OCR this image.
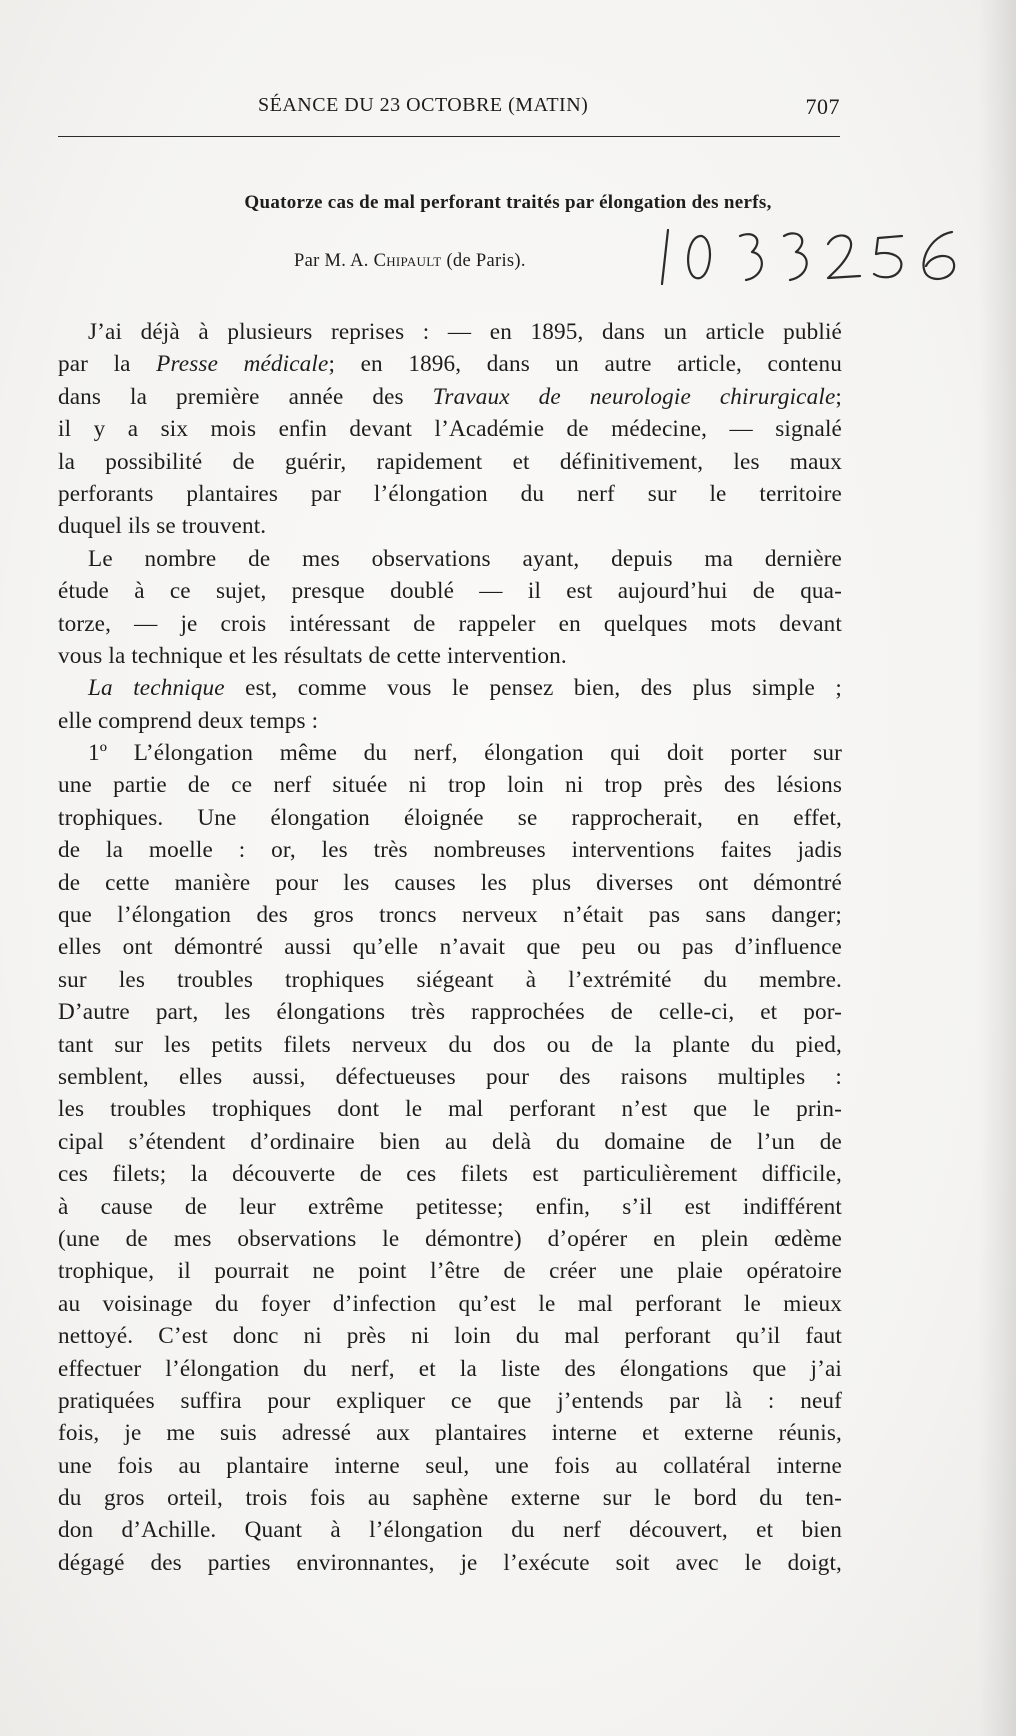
SÉANCE DU 23 OCTOBRE (MATIN)	707
Quatorze cas de mal perforant traités par élongation des nerfs,
Par M. A. Chipault (de Paris).
J’ai déjà à plusieurs reprises : — en 1895, dans un article publié
par la Presse médicale; en 1896, dans un autre article, contenu
dans la première année des Travaux de neurologie chirurgicale;
il y a six mois enfin devant l’Académie de médecine, — signalé
la possibilité de guérir, rapidement et définitivement, les maux
perforants plantaires par l’élongation du nerf sur le territoire
duquel ils se trouvent.
Le nombre de mes observations ayant, depuis ma dernière
étude à ce sujet, presque doublé — il est aujourd’hui de qua-
torze, — je crois intéressant de rappeler en quelques mots devant
vous la technique et les résultats de cette intervention.
La technique est, comme vous le pensez bien, des plus simple ;
elle comprend deux temps :
1º L’élongation même du nerf, élongation qui doit porter sur
une partie de ce nerf située ni trop loin ni trop près des lésions
trophiques. Une élongation éloignée se rapprocherait, en effet,
de la moelle : or, les très nombreuses interventions faites jadis
de cette manière pour les causes les plus diverses ont démontré
que l’élongation des gros troncs nerveux n’était pas sans danger;
elles ont démontré aussi qu’elle n’avait que peu ou pas d’influence
sur les troubles trophiques siégeant à l’extrémité du membre.
D’autre part, les élongations très rapprochées de celle-ci, et por-
tant sur les petits filets nerveux du dos ou de la plante du pied,
semblent, elles aussi, défectueuses pour des raisons multiples :
les troubles trophiques dont le mal perforant n’est que le prin-
cipal s’étendent d’ordinaire bien au delà du domaine de l’un de
ces filets; la découverte de ces filets est particulièrement difficile,
à cause de leur extrême petitesse; enfin, s’il est indifférent
(une de mes observations le démontre) d’opérer en plein œdème
trophique, il pourrait ne point l’être de créer une plaie opératoire
au voisinage du foyer d’infection qu’est le mal perforant le mieux
nettoyé. C’est donc ni près ni loin du mal perforant qu’il faut
effectuer l’élongation du nerf, et la liste des élongations que j’ai
pratiquées suffira pour expliquer ce que j’entends par là : neuf
fois, je me suis adressé aux plantaires interne et externe réunis,
une fois au plantaire interne seul, une fois au collatéral interne
du gros orteil, trois fois au saphène externe sur le bord du ten-
don d’Achille. Quant à l’élongation du nerf découvert, et bien
dégagé des parties environnantes, je l’exécute soit avec le doigt,
